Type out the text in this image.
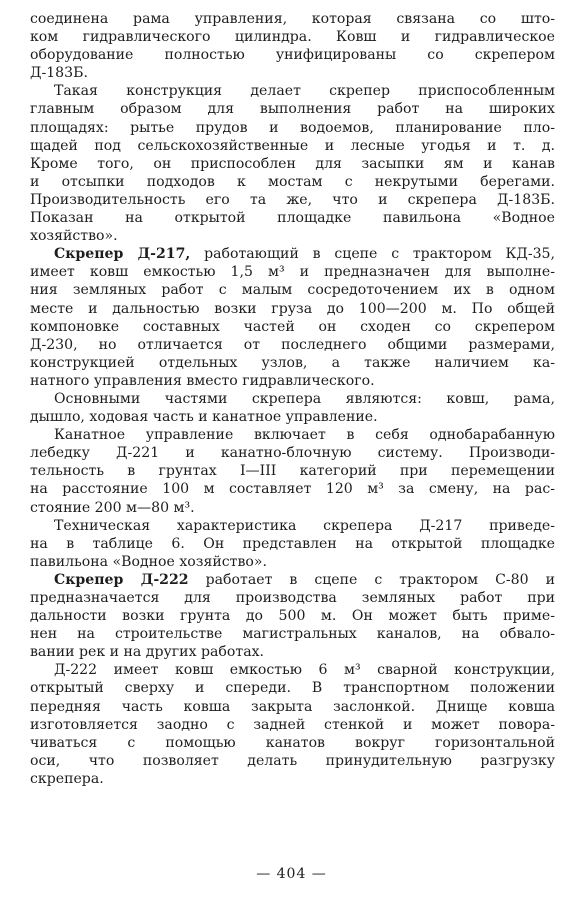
соединена рама управления, которая связана со што-
ком гидравлического цилиндра. Ковш и гидравлическое
оборудование полностью унифицированы со скрепером
Д-183Б.
Такая конструкция делает скрепер приспособленным
главным образом для выполнения работ на широких
площадях: рытье прудов и водоемов, планирование пло-
щадей под сельскохозяйственные и лесные угодья и т. д.
Кроме того, он приспособлен для засыпки ям и канав
и отсыпки подходов к мостам с некрутыми берегами.
Производительность его та же, что и скрепера Д-183Б.
Показан на открытой площадке павильона «Водное
хозяйство».
Скрепер Д-217, работающий в сцепе с трактором КД-35,
имеет ковш емкостью 1,5 м³ и предназначен для выполне-
ния земляных работ с малым сосредоточением их в одном
месте и дальностью возки груза до 100—200 м. По общей
компоновке составных частей он сходен со скрепером
Д-230, но отличается от последнего общими размерами,
конструкцией отдельных узлов, а также наличием ка-
натного управления вместо гидравлического.
Основными частями скрепера являются: ковш, рама,
дышло, ходовая часть и канатное управление.
Канатное управление включает в себя однобарабанную
лебедку Д-221 и канатно-блочную систему. Производи-
тельность в грунтах I—III категорий при перемещении
на расстояние 100 м составляет 120 м³ за смену, на рас-
стояние 200 м—80 м³.
Техническая характеристика скрепера Д-217 приведе-
на в таблице 6. Он представлен на открытой площадке
павильона «Водное хозяйство».
Скрепер Д-222 работает в сцепе с трактором С-80 и
предназначается для производства земляных работ при
дальности возки грунта до 500 м. Он может быть приме-
нен на строительстве магистральных каналов, на обвало-
вании рек и на других работах.
Д-222 имеет ковш емкостью 6 м³ сварной конструкции,
открытый сверху и спереди. В транспортном положении
передняя часть ковша закрыта заслонкой. Днище ковша
изготовляется заодно с задней стенкой и может повора-
чиваться с помощью канатов вокруг горизонтальной
оси, что позволяет делать принудительную разгрузку
скрепера.
— 404 —
